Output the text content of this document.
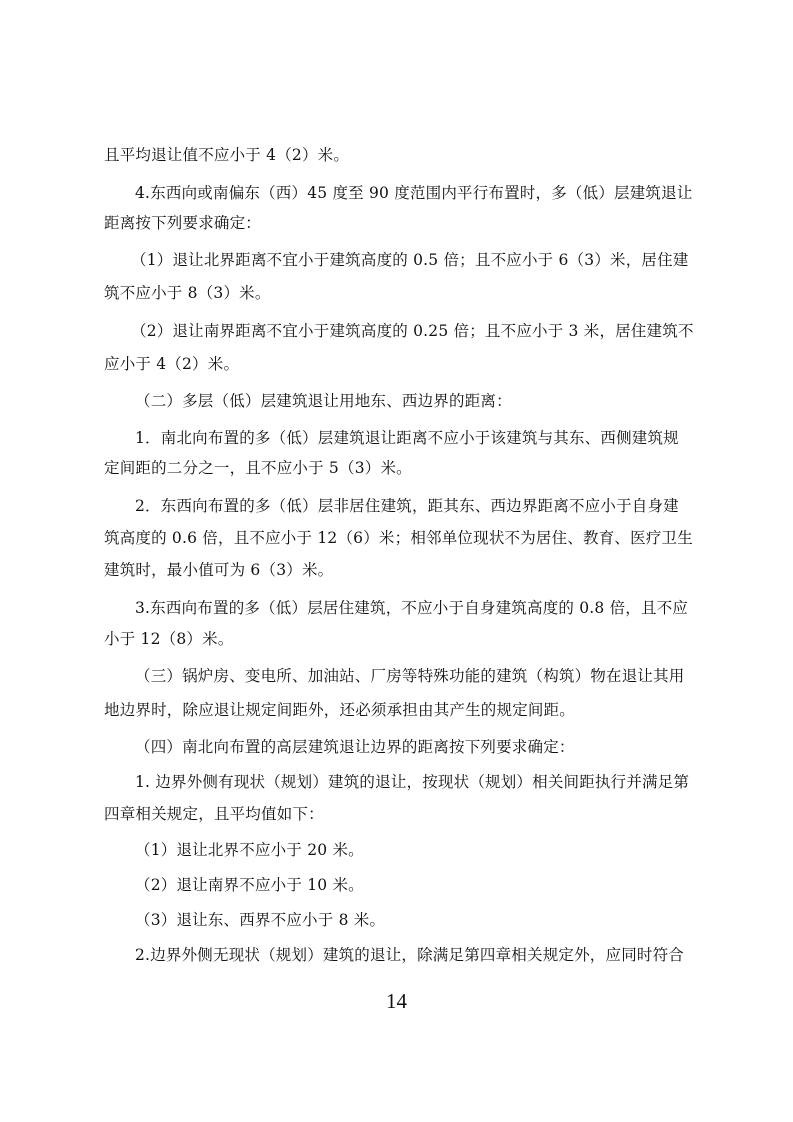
且平均退让值不应小于 4（2）米。
4.东西向或南偏东（西）45 度至 90 度范围内平行布置时，多（低）层建筑退让
距离按下列要求确定：
（1）退让北界距离不宜小于建筑高度的 0.5 倍；且不应小于 6（3）米，居住建
筑不应小于 8（3）米。
（2）退让南界距离不宜小于建筑高度的 0.25 倍；且不应小于 3 米，居住建筑不
应小于 4（2）米。
（二）多层（低）层建筑退让用地东、西边界的距离：
1．南北向布置的多（低）层建筑退让距离不应小于该建筑与其东、西侧建筑规
定间距的二分之一，且不应小于 5（3）米。
2．东西向布置的多（低）层非居住建筑，距其东、西边界距离不应小于自身建
筑高度的 0.6 倍，且不应小于 12（6）米；相邻单位现状不为居住、教育、医疗卫生
建筑时，最小值可为 6（3）米。
3.东西向布置的多（低）层居住建筑，不应小于自身建筑高度的 0.8 倍，且不应
小于 12（8）米。
（三）锅炉房、变电所、加油站、厂房等特殊功能的建筑（构筑）物在退让其用
地边界时，除应退让规定间距外，还必须承担由其产生的规定间距。
（四）南北向布置的高层建筑退让边界的距离按下列要求确定：
1. 边界外侧有现状（规划）建筑的退让，按现状（规划）相关间距执行并满足第
四章相关规定，且平均值如下：
（1）退让北界不应小于 20 米。
（2）退让南界不应小于 10 米。
（3）退让东、西界不应小于 8 米。
2.边界外侧无现状（规划）建筑的退让，除满足第四章相关规定外，应同时符合
14
